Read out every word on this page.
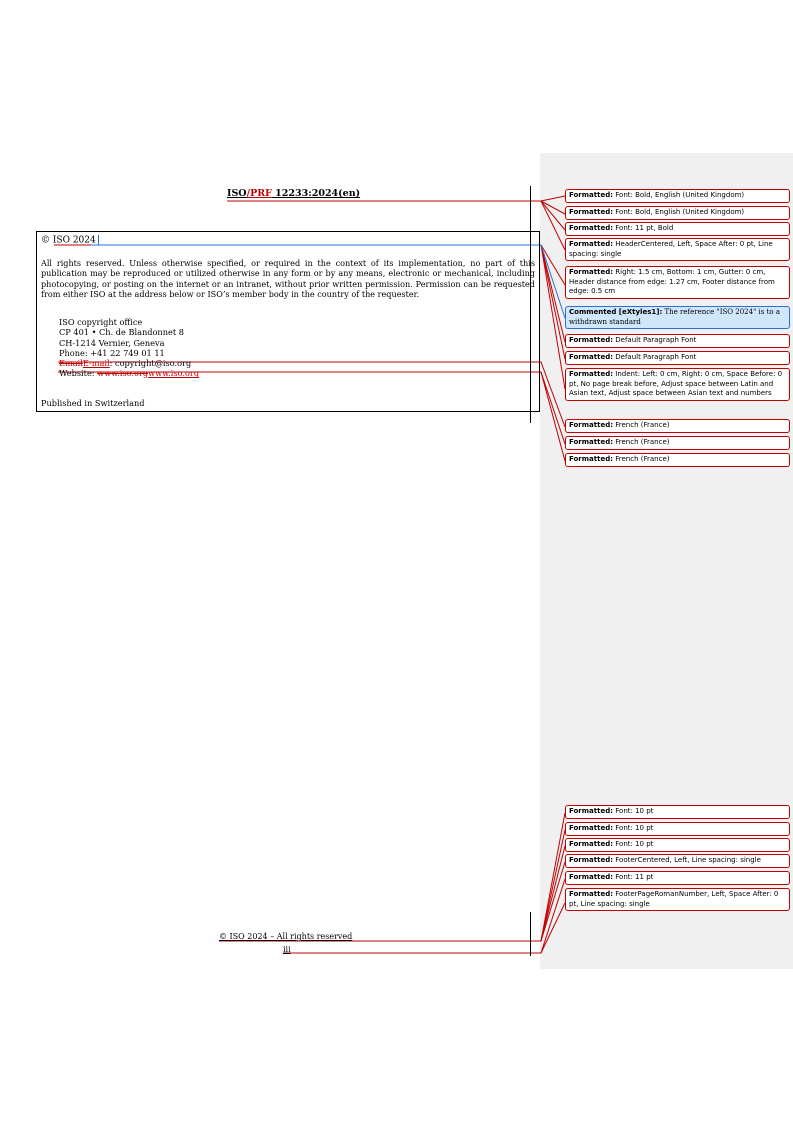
ISO/PRF 12233:2024(en)
© ISO 2024
All rights reserved. Unless otherwise specified, or required in the context of its implementation, no part of this publication may be reproduced or utilized otherwise in any form or by any means, electronic or mechanical, including photocopying, or posting on the internet or an intranet, without prior written permission. Permission can be requested from either ISO at the address below or ISO’s member body in the country of the requester.
ISO copyright office
CP 401 • Ch. de Blandonnet 8
CH-1214 Vernier, Geneva
Phone: +41 22 749 01 11
EmailE-mail: copyright@iso.org
Website: www.iso.orgwww.iso.org
Published in Switzerland
© ISO 2024 – All rights reserved
iii
Formatted: Font: Bold, English (United Kingdom)
Formatted: Font: Bold, English (United Kingdom)
Formatted: Font: 11 pt, Bold
Formatted: HeaderCentered, Left, Space After: 0 pt, Line spacing: single
Formatted: Right: 1.5 cm, Bottom: 1 cm, Gutter: 0 cm, Header distance from edge: 1.27 cm, Footer distance from edge: 0.5 cm
Commented [eXtyles1]: The reference "ISO 2024" is to a withdrawn standard
Formatted: Default Paragraph Font
Formatted: Default Paragraph Font
Formatted: Indent: Left: 0 cm, Right: 0 cm, Space Before: 0 pt, No page break before, Adjust space between Latin and Asian text, Adjust space between Asian text and numbers
Formatted: French (France)
Formatted: French (France)
Formatted: French (France)
Formatted: Font: 10 pt
Formatted: Font: 10 pt
Formatted: Font: 10 pt
Formatted: FooterCentered, Left, Line spacing: single
Formatted: Font: 11 pt
Formatted: FooterPageRomanNumber, Left, Space After: 0 pt, Line spacing: single
